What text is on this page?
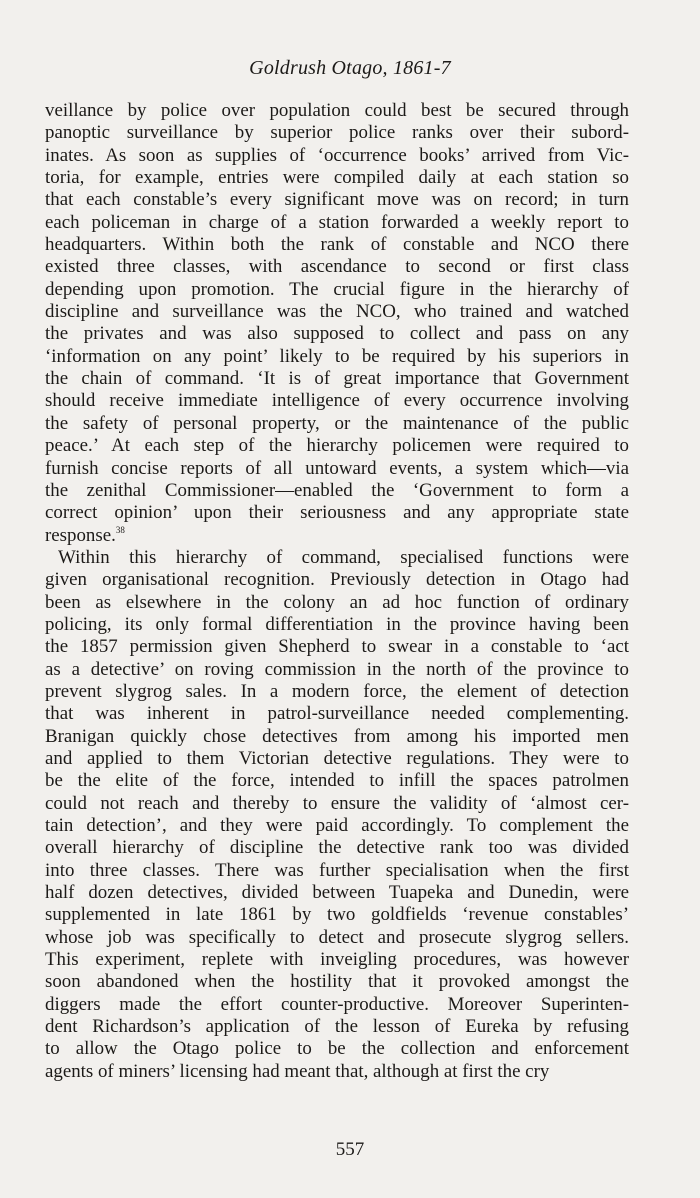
Goldrush Otago, 1861-7
veillance by police over population could best be secured through
panoptic surveillance by superior police ranks over their subord-
inates. As soon as supplies of ‘occurrence books’ arrived from Vic-
toria, for example, entries were compiled daily at each station so
that each constable’s every significant move was on record; in turn
each policeman in charge of a station forwarded a weekly report to
headquarters. Within both the rank of constable and NCO there
existed three classes, with ascendance to second or first class
depending upon promotion. The crucial figure in the hierarchy of
discipline and surveillance was the NCO, who trained and watched
the privates and was also supposed to collect and pass on any
‘information on any point’ likely to be required by his superiors in
the chain of command. ‘It is of great importance that Government
should receive immediate intelligence of every occurrence involving
the safety of personal property, or the maintenance of the public
peace.’ At each step of the hierarchy policemen were required to
furnish concise reports of all untoward events, a system which—via
the zenithal Commissioner—enabled the ‘Government to form a
correct opinion’ upon their seriousness and any appropriate state
response.$^{38}$
Within this hierarchy of command, specialised functions were
given organisational recognition. Previously detection in Otago had
been as elsewhere in the colony an ad hoc function of ordinary
policing, its only formal differentiation in the province having been
the 1857 permission given Shepherd to swear in a constable to ‘act
as a detective’ on roving commission in the north of the province to
prevent slygrog sales. In a modern force, the element of detection
that was inherent in patrol-surveillance needed complementing.
Branigan quickly chose detectives from among his imported men
and applied to them Victorian detective regulations. They were to
be the elite of the force, intended to infill the spaces patrolmen
could not reach and thereby to ensure the validity of ‘almost cer-
tain detection’, and they were paid accordingly. To complement the
overall hierarchy of discipline the detective rank too was divided
into three classes. There was further specialisation when the first
half dozen detectives, divided between Tuapeka and Dunedin, were
supplemented in late 1861 by two goldfields ‘revenue constables’
whose job was specifically to detect and prosecute slygrog sellers.
This experiment, replete with inveigling procedures, was however
soon abandoned when the hostility that it provoked amongst the
diggers made the effort counter-productive. Moreover Superinten-
dent Richardson’s application of the lesson of Eureka by refusing
to allow the Otago police to be the collection and enforcement
agents of miners’ licensing had meant that, although at first the cry
557
